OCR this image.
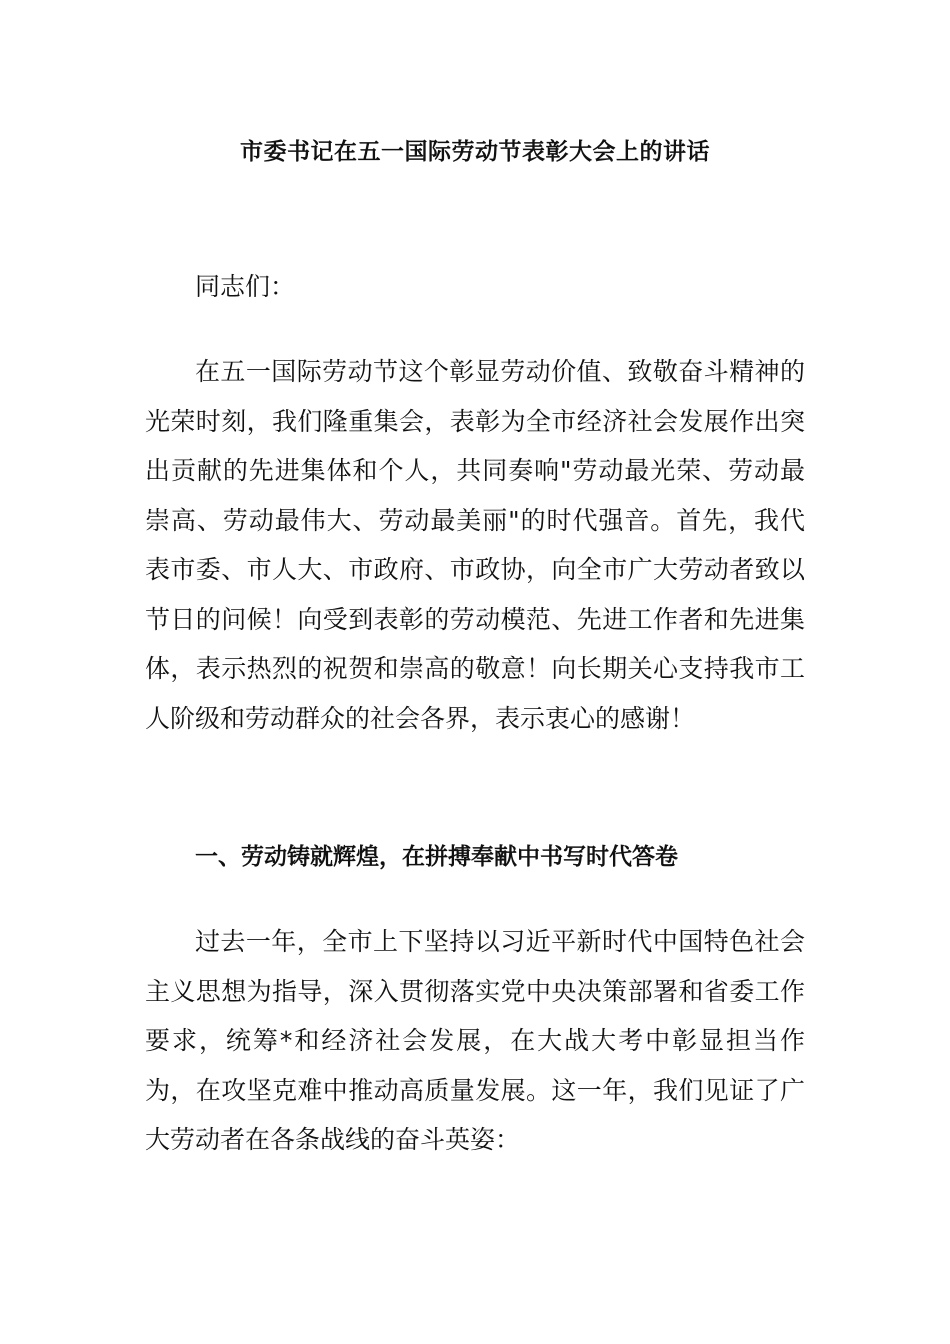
市委书记在五一国际劳动节表彰大会上的讲话

同志们：

在五一国际劳动节这个彰显劳动价值、致敬奋斗精神的光荣时刻，我们隆重集会，表彰为全市经济社会发展作出突出贡献的先进集体和个人，共同奏响"劳动最光荣、劳动最崇高、劳动最伟大、劳动最美丽"的时代强音。首先，我代表市委、市人大、市政府、市政协，向全市广大劳动者致以节日的问候！向受到表彰的劳动模范、先进工作者和先进集体，表示热烈的祝贺和崇高的敬意！向长期关心支持我市工人阶级和劳动群众的社会各界，表示衷心的感谢！

一、劳动铸就辉煌，在拼搏奉献中书写时代答卷

过去一年，全市上下坚持以习近平新时代中国特色社会主义思想为指导，深入贯彻落实党中央决策部署和省委工作要求，统筹*和经济社会发展，在大战大考中彰显担当作为，在攻坚克难中推动高质量发展。这一年，我们见证了广大劳动者在各条战线的奋斗英姿：
